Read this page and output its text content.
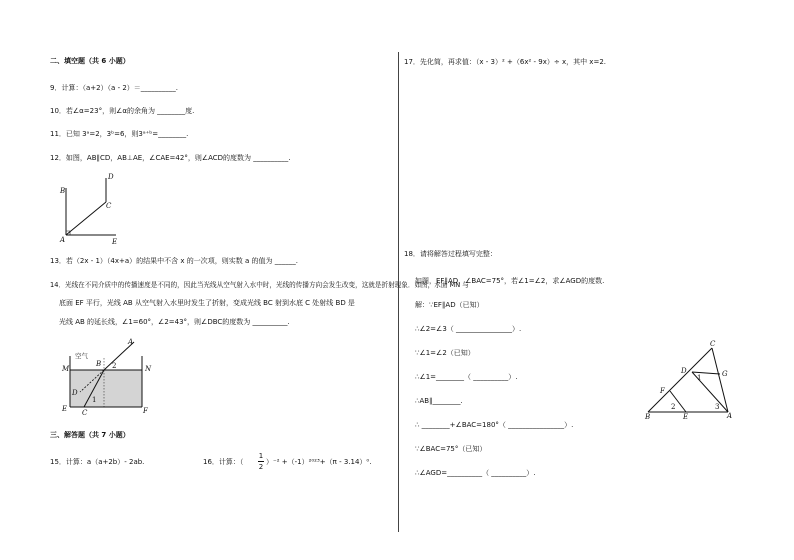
二、填空题（共 6 小题）
9．计算：（a+2）（a - 2）＝__________.
10．若∠α=23°，则∠α的余角为 ________度.
11．已知 3ᵃ=2，3ᵇ=6，则3ᵃ⁺ᵇ=________.
12．如图，AB∥CD，AB⊥AE，∠CAE=42°，则∠ACD的度数为 __________.
B
D
C
A	E
13．若（2x - 1）（4x+a）的结果中不含 x 的一次项，则实数 a 的值为 ______.
14．光线在不同介质中的传播速度是不同的，因此当光线从空气射入水中时，光线的传播方向会发生改变，这就是折射现象．如图，水面 MN 与
底面 EF 平行，光线 AB 从空气射入水里时发生了折射，变成光线 BC 射到水底 C 处射线 BD 是
光线 AB 的延长线，∠1=60°，∠2=43°，则∠DBC的度数为 __________.
空气
A
B 2
M	N
D
1
E C	F
三、解答题（共 7 小题）
15．计算：a（a+2b）- 2ab.	16．计算：（
1
2
）⁻² +（-1）²⁰²³+（π - 3.14）⁰.
17．先化简，再求值：（x - 3）² +（6x² - 9x）÷ x，其中 x=2.
18．请将解答过程填写完整：
如图，EF∥AD，∠BAC=75°，若∠1=∠2，求∠AGD的度数.
解：∵EF∥AD（已知）
∴∠2=∠3（ ________________）.
∵∠1=∠2（已知）
∴∠1=________（ __________）.
∴AB∥________.
∴ ________+∠BAC=180°（ ________________）.
∵∠BAC=75°（已知）
∴∠AGD=__________（ __________）.
C
D
1	G
F
2	3
B	E	A
